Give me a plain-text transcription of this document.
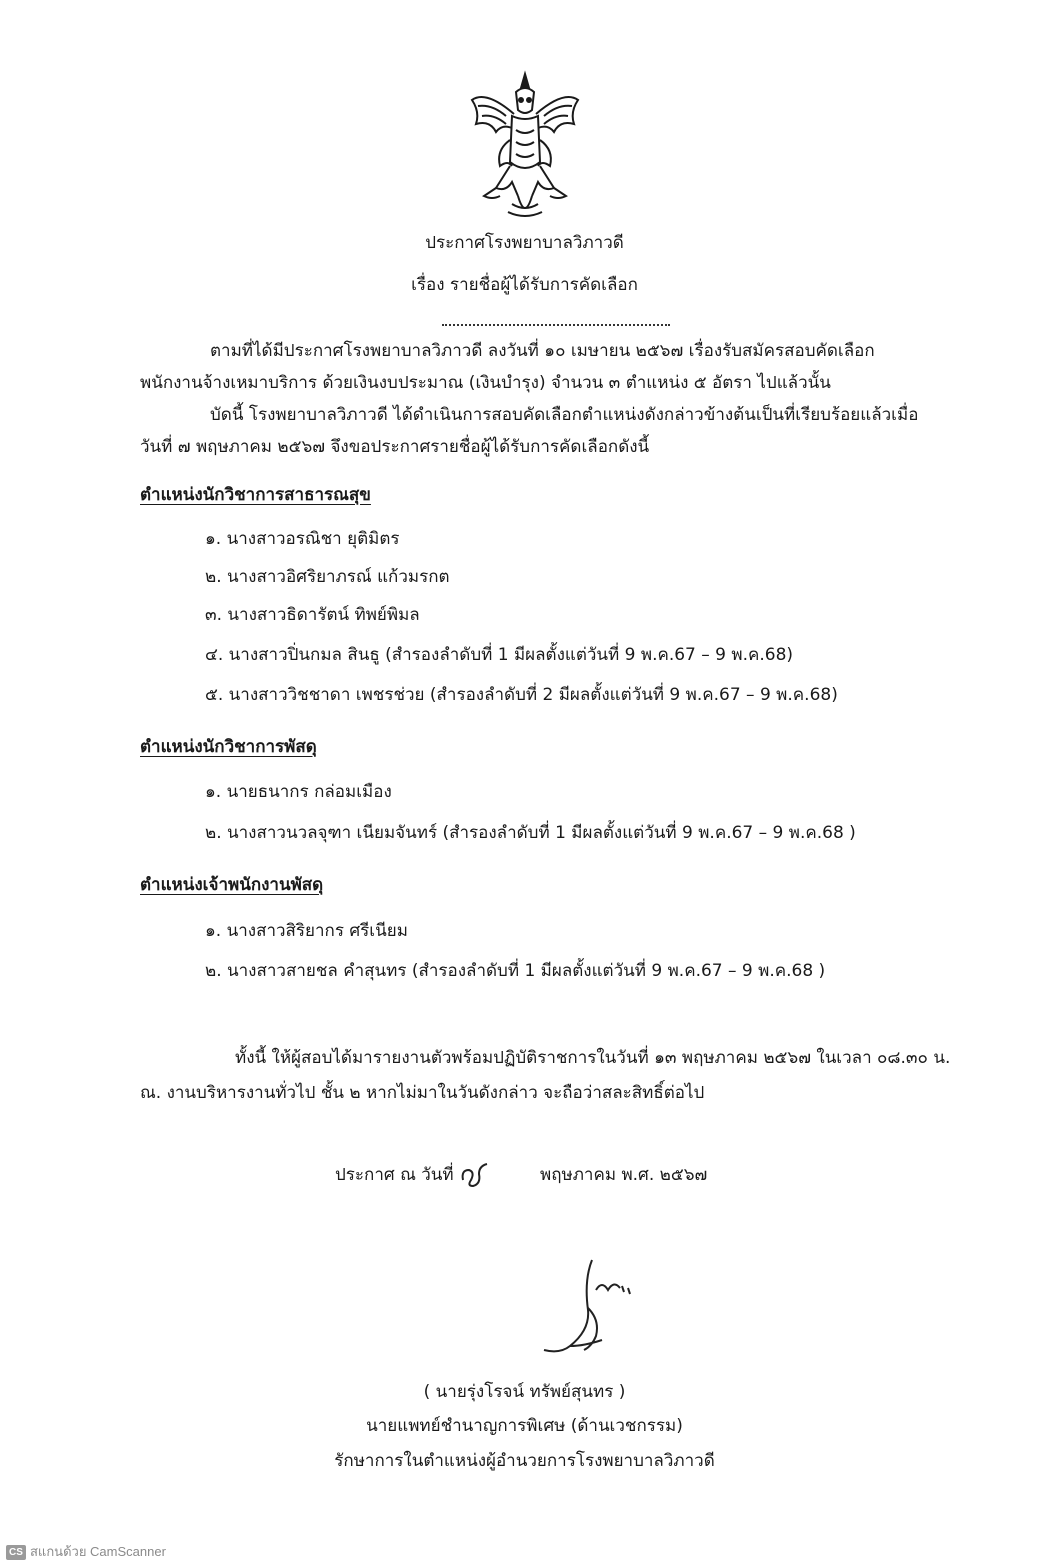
ประกาศโรงพยาบาลวิภาวดี
เรื่อง รายชื่อผู้ได้รับการคัดเลือก
ตามที่ได้มีประกาศโรงพยาบาลวิภาวดี ลงวันที่ ๑๐ เมษายน ๒๕๖๗ เรื่องรับสมัครสอบคัดเลือก
พนักงานจ้างเหมาบริการ ด้วยเงินงบประมาณ (เงินบำรุง) จำนวน ๓ ตำแหน่ง ๕ อัตรา ไปแล้วนั้น
บัดนี้ โรงพยาบาลวิภาวดี ได้ดำเนินการสอบคัดเลือกตำแหน่งดังกล่าวข้างต้นเป็นที่เรียบร้อยแล้วเมื่อ
วันที่ ๗ พฤษภาคม ๒๕๖๗ จึงขอประกาศรายชื่อผู้ได้รับการคัดเลือกดังนี้
ตำแหน่งนักวิชาการสาธารณสุข
๑. นางสาวอรณิชา ยุติมิตร
๒. นางสาวอิศริยาภรณ์ แก้วมรกต
๓. นางสาวธิดารัตน์ ทิพย์พิมล
๔. นางสาวปิ่นกมล สินธู (สำรองลำดับที่ 1 มีผลตั้งแต่วันที่ 9 พ.ค.67 – 9 พ.ค.68)
๕. นางสาววิชชาดา เพชรช่วย (สำรองลำดับที่ 2 มีผลตั้งแต่วันที่ 9 พ.ค.67 – 9 พ.ค.68)
ตำแหน่งนักวิชาการพัสดุ
๑. นายธนากร กล่อมเมือง
๒. นางสาวนวลจุฑา เนียมจันทร์ (สำรองลำดับที่ 1 มีผลตั้งแต่วันที่ 9 พ.ค.67 – 9 พ.ค.68 )
ตำแหน่งเจ้าพนักงานพัสดุ
๑. นางสาวสิริยากร ศรีเนียม
๒. นางสาวสายชล คำสุนทร (สำรองลำดับที่ 1 มีผลตั้งแต่วันที่ 9 พ.ค.67 – 9 พ.ค.68 )
ทั้งนี้ ให้ผู้สอบได้มารายงานตัวพร้อมปฏิบัติราชการในวันที่ ๑๓ พฤษภาคม ๒๕๖๗ ในเวลา ๐๘.๓๐ น.
ณ. งานบริหารงานทั่วไป ชั้น ๒ หากไม่มาในวันดังกล่าว จะถือว่าสละสิทธิ์ต่อไป
ประกาศ ณ วันที่	พฤษภาคม พ.ศ. ๒๕๖๗
( นายรุ่งโรจน์ ทรัพย์สุนทร )
นายแพทย์ชำนาญการพิเศษ (ด้านเวชกรรม)
รักษาการในตำแหน่งผู้อำนวยการโรงพยาบาลวิภาวดี
CS สแกนด้วย CamScanner
